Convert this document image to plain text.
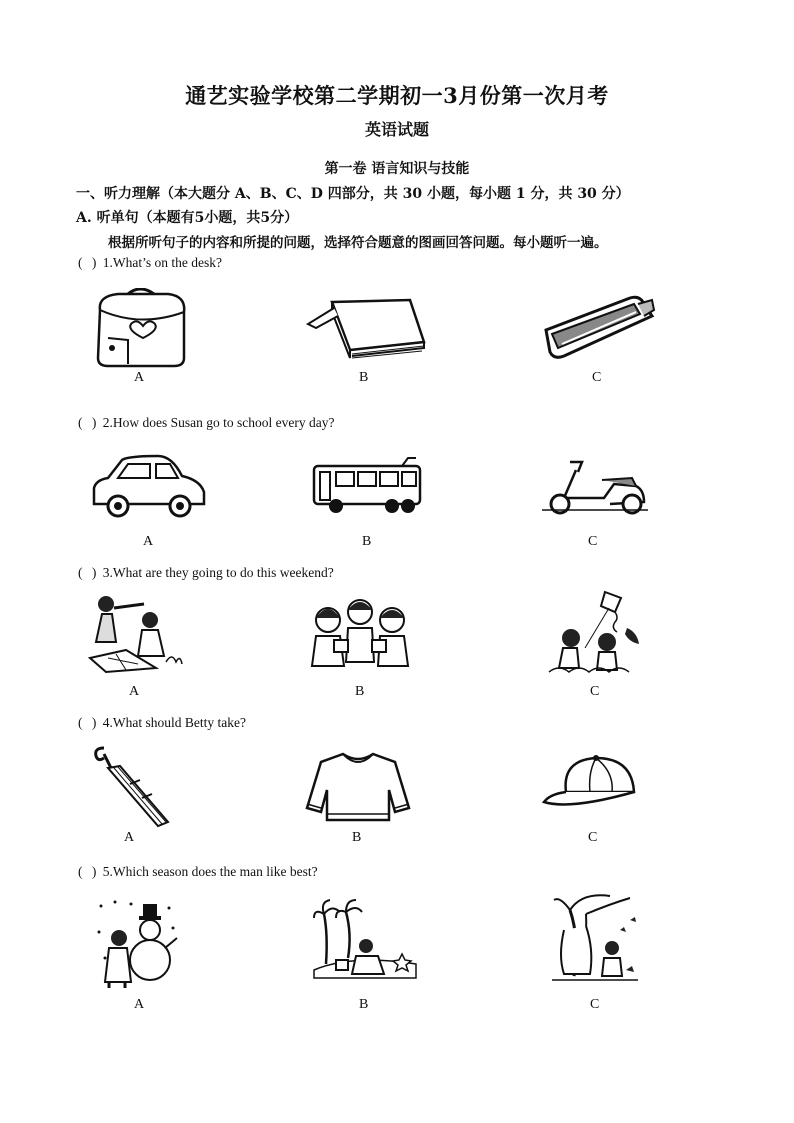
通艺实验学校第二学期初一3月份第一次月考
英语试题
第一卷 语言知识与技能
一、听力理解（本大题分 A、B、C、D 四部分，共 30 小题，每小题 1 分，共 30 分）
A. 听单句（本题有5小题，共5分）
根据所听句子的内容和所提的问题，选择符合题意的图画回答问题。每小题听一遍。
( ) 1.What’s on the desk?
A	B	C
( ) 2.How does Susan go to school every day?
A	B	C
( ) 3.What are they going to do this weekend?
A	B	C
( ) 4.What should Betty take?
A	B	C
( ) 5.Which season does the man like best?
A	B	C
